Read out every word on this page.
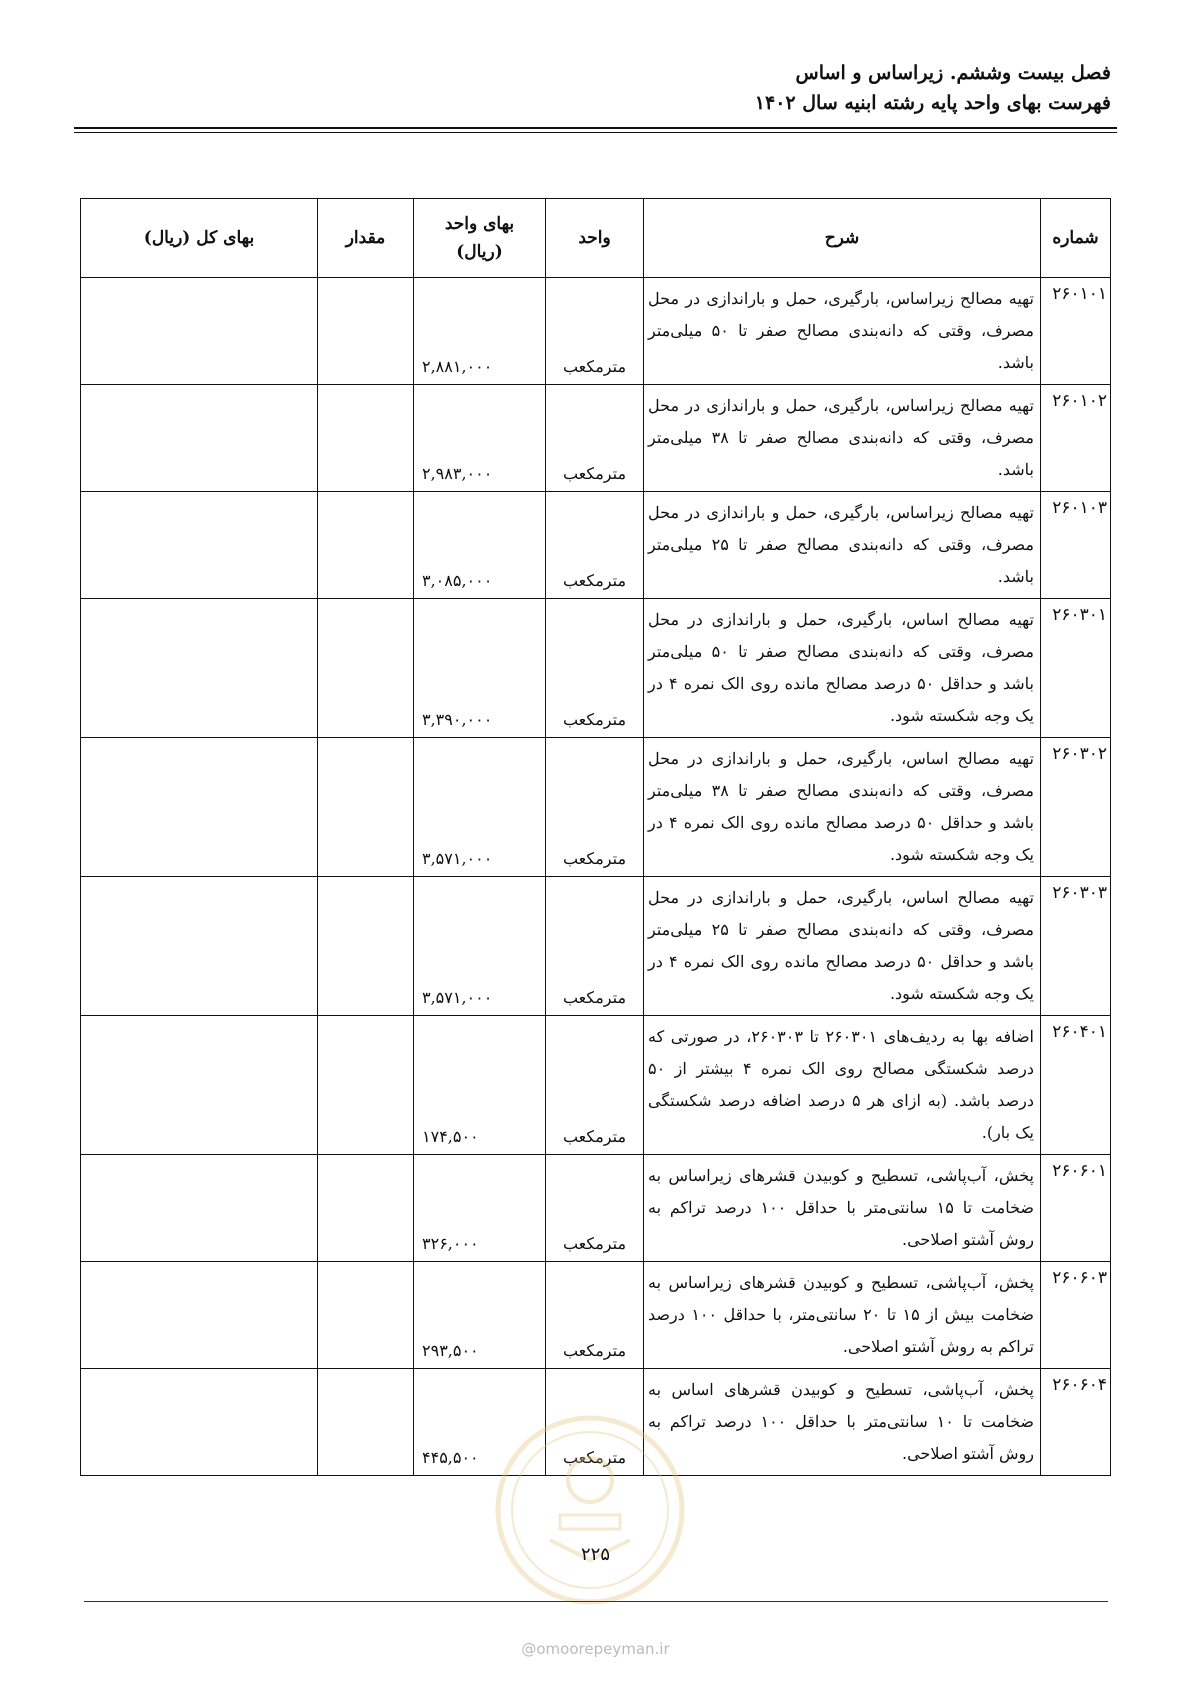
فصل بیست وششم. زیراساس و اساس
فهرست بهای واحد پایه رشته ابنیه سال ۱۴۰۲
شماره	شرح	واحد	بهای واحد (ریال)	مقدار	بهای کل (ریال)
۲۶۰۱۰۱	تهیه مصالح زیراساس، بارگیری، حمل و باراندازی در محل مصرف، وقتی که دانه‌بندی مصالح صفر تا ۵۰ میلی‌متر باشد.	مترمکعب	۲,۸۸۱,۰۰۰		
۲۶۰۱۰۲	تهیه مصالح زیراساس، بارگیری، حمل و باراندازی در محل مصرف، وقتی که دانه‌بندی مصالح صفر تا ۳۸ میلی‌متر باشد.	مترمکعب	۲,۹۸۳,۰۰۰		
۲۶۰۱۰۳	تهیه مصالح زیراساس، بارگیری، حمل و باراندازی در محل مصرف، وقتی که دانه‌بندی مصالح صفر تا ۲۵ میلی‌متر باشد.	مترمکعب	۳,۰۸۵,۰۰۰		
۲۶۰۳۰۱	تهیه مصالح اساس، بارگیری، حمل و باراندازی در محل مصرف، وقتی که دانه‌بندی مصالح صفر تا ۵۰ میلی‌متر باشد و حداقل ۵۰ درصد مصالح مانده روی الک نمره ۴ در یک وجه شکسته شود.	مترمکعب	۳,۳۹۰,۰۰۰		
۲۶۰۳۰۲	تهیه مصالح اساس، بارگیری، حمل و باراندازی در محل مصرف، وقتی که دانه‌بندی مصالح صفر تا ۳۸ میلی‌متر باشد و حداقل ۵۰ درصد مصالح مانده روی الک نمره ۴ در یک وجه شکسته شود.	مترمکعب	۳,۵۷۱,۰۰۰		
۲۶۰۳۰۳	تهیه مصالح اساس، بارگیری، حمل و باراندازی در محل مصرف، وقتی که دانه‌بندی مصالح صفر تا ۲۵ میلی‌متر باشد و حداقل ۵۰ درصد مصالح مانده روی الک نمره ۴ در یک وجه شکسته شود.	مترمکعب	۳,۵۷۱,۰۰۰		
۲۶۰۴۰۱	اضافه بها به ردیف‌های ۲۶۰۳۰۱ تا ۲۶۰۳۰۳، در صورتی که درصد شکستگی مصالح روی الک نمره ۴ بیشتر از ۵۰ درصد باشد. (به ازای هر ۵ درصد اضافه درصد شکستگی یک بار).	مترمکعب	۱۷۴,۵۰۰		
۲۶۰۶۰۱	پخش، آب‌پاشی، تسطیح و کوبیدن قشرهای زیراساس به ضخامت تا ۱۵ سانتی‌متر با حداقل ۱۰۰ درصد تراکم به روش آشتو اصلاحی.	مترمکعب	۳۲۶,۰۰۰		
۲۶۰۶۰۳	پخش، آب‌پاشی، تسطیح و کوبیدن قشرهای زیراساس به ضخامت بیش از ۱۵ تا ۲۰ سانتی‌متر، با حداقل ۱۰۰ درصد تراکم به روش آشتو اصلاحی.	مترمکعب	۲۹۳,۵۰۰		
۲۶۰۶۰۴	پخش، آب‌پاشی، تسطیح و کوبیدن قشرهای اساس به ضخامت تا ۱۰ سانتی‌متر با حداقل ۱۰۰ درصد تراکم به روش آشتو اصلاحی.	مترمکعب	۴۴۵,۵۰۰		
۲۲۵
@omoorepeyman.ir
